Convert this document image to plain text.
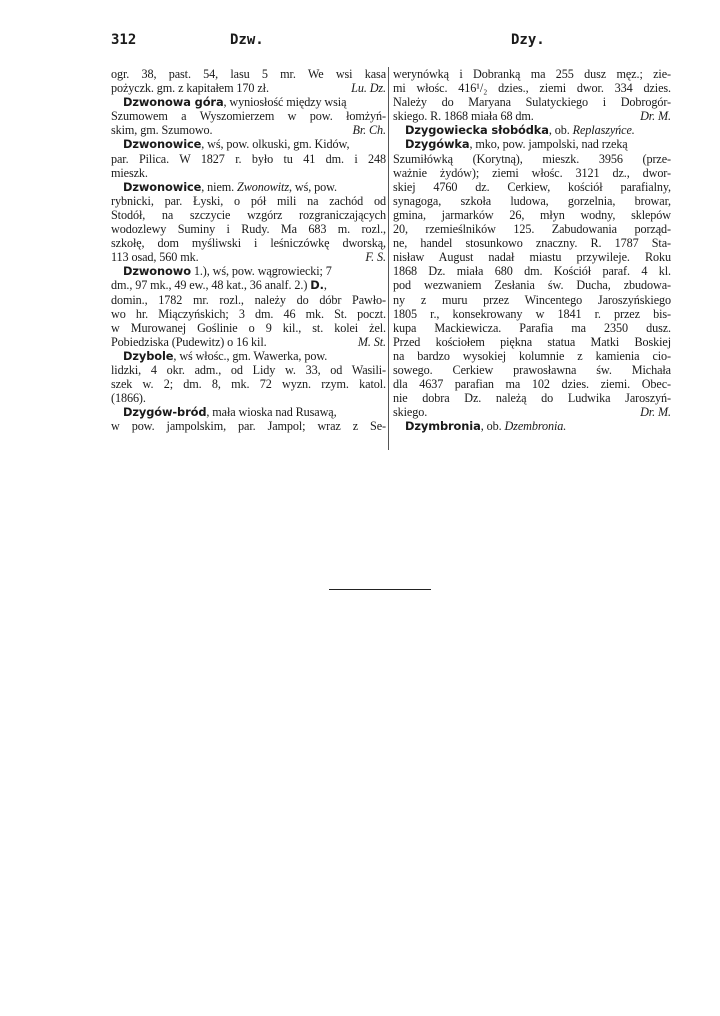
312	Dzw.	Dzy.
ogr. 38, past. 54, lasu 5 mr. We wsi kasa
pożyczk. gm. z kapitałem 170 zł.	Lu. Dz.
Dzwonowa góra, wyniosłość między wsią
Szumowem a Wyszomierzem w pow. łomżyń-
skim, gm. Szumowo.	Br. Ch.
Dzwonowice, wś, pow. olkuski, gm. Kidów,
par. Pilica. W 1827 r. było tu 41 dm. i 248
mieszk.
Dzwonowice, niem. Zwonowitz, wś, pow.
rybnicki, par. Łyski, o pół mili na zachód od
Stodół, na szczycie wzgórz rozgraniczających
wodozlewy Suminy i Rudy. Ma 683 m. rozl.,
szkołę, dom myśliwski i leśniczówkę dworską,
113 osad, 560 mk.	F. S.
Dzwonowo 1.), wś, pow. wągrowiecki; 7
dm., 97 mk., 49 ew., 48 kat., 36 analf. 2.) D.,
domin., 1782 mr. rozl., należy do dóbr Pawło-
wo hr. Miączyńskich; 3 dm. 46 mk. St. poczt.
w Murowanej Goślinie o 9 kil., st. kolei żel.
Pobiedziska (Pudewitz) o 16 kil.	M. St.
Dzybole, wś włośc., gm. Wawerka, pow.
lidzki, 4 okr. adm., od Lidy w. 33, od Wasili-
szek w. 2; dm. 8, mk. 72 wyzn. rzym. katol.
(1866).
Dzygów-bród, mała wioska nad Rusawą,
w pow. jampolskim, par. Jampol; wraz z Se-
werynówką i Dobranką ma 255 dusz męz.; zie-
mi włośc. 416¹/₂ dzies., ziemi dwor. 334 dzies.
Należy do Maryana Sulatyckiego i Dobrogór-
skiego. R. 1868 miała 68 dm.	Dr. M.
Dzygowiecka słobódka, ob. Replaszyńce.
Dzygówka, mko, pow. jampolski, nad rzeką
Szumiłówką (Korytną), mieszk. 3956 (prze-
ważnie żydów); ziemi włośc. 3121 dz., dwor-
skiej 4760 dz. Cerkiew, kościół parafialny,
synagoga, szkoła ludowa, gorzelnia, browar,
gmina, jarmarków 26, młyn wodny, sklepów
20, rzemieślników 125. Zabudowania porząd-
ne, handel stosunkowo znaczny. R. 1787 Sta-
nisław August nadał miastu przywileje. Roku
1868 Dz. miała 680 dm. Kościół paraf. 4 kl.
pod wezwaniem Zesłania św. Ducha, zbudowa-
ny z muru przez Wincentego Jaroszyńskiego
1805 r., konsekrowany w 1841 r. przez bis-
kupa Mackiewicza. Parafia ma 2350 dusz.
Przed kościołem piękna statua Matki Boskiej
na bardzo wysokiej kolumnie z kamienia cio-
sowego. Cerkiew prawosławna św. Michała
dla 4637 parafian ma 102 dzies. ziemi. Obec-
nie dobra Dz. należą do Ludwika Jaroszyń-
skiego.	Dr. M.
Dzymbronia, ob. Dzembronia.
